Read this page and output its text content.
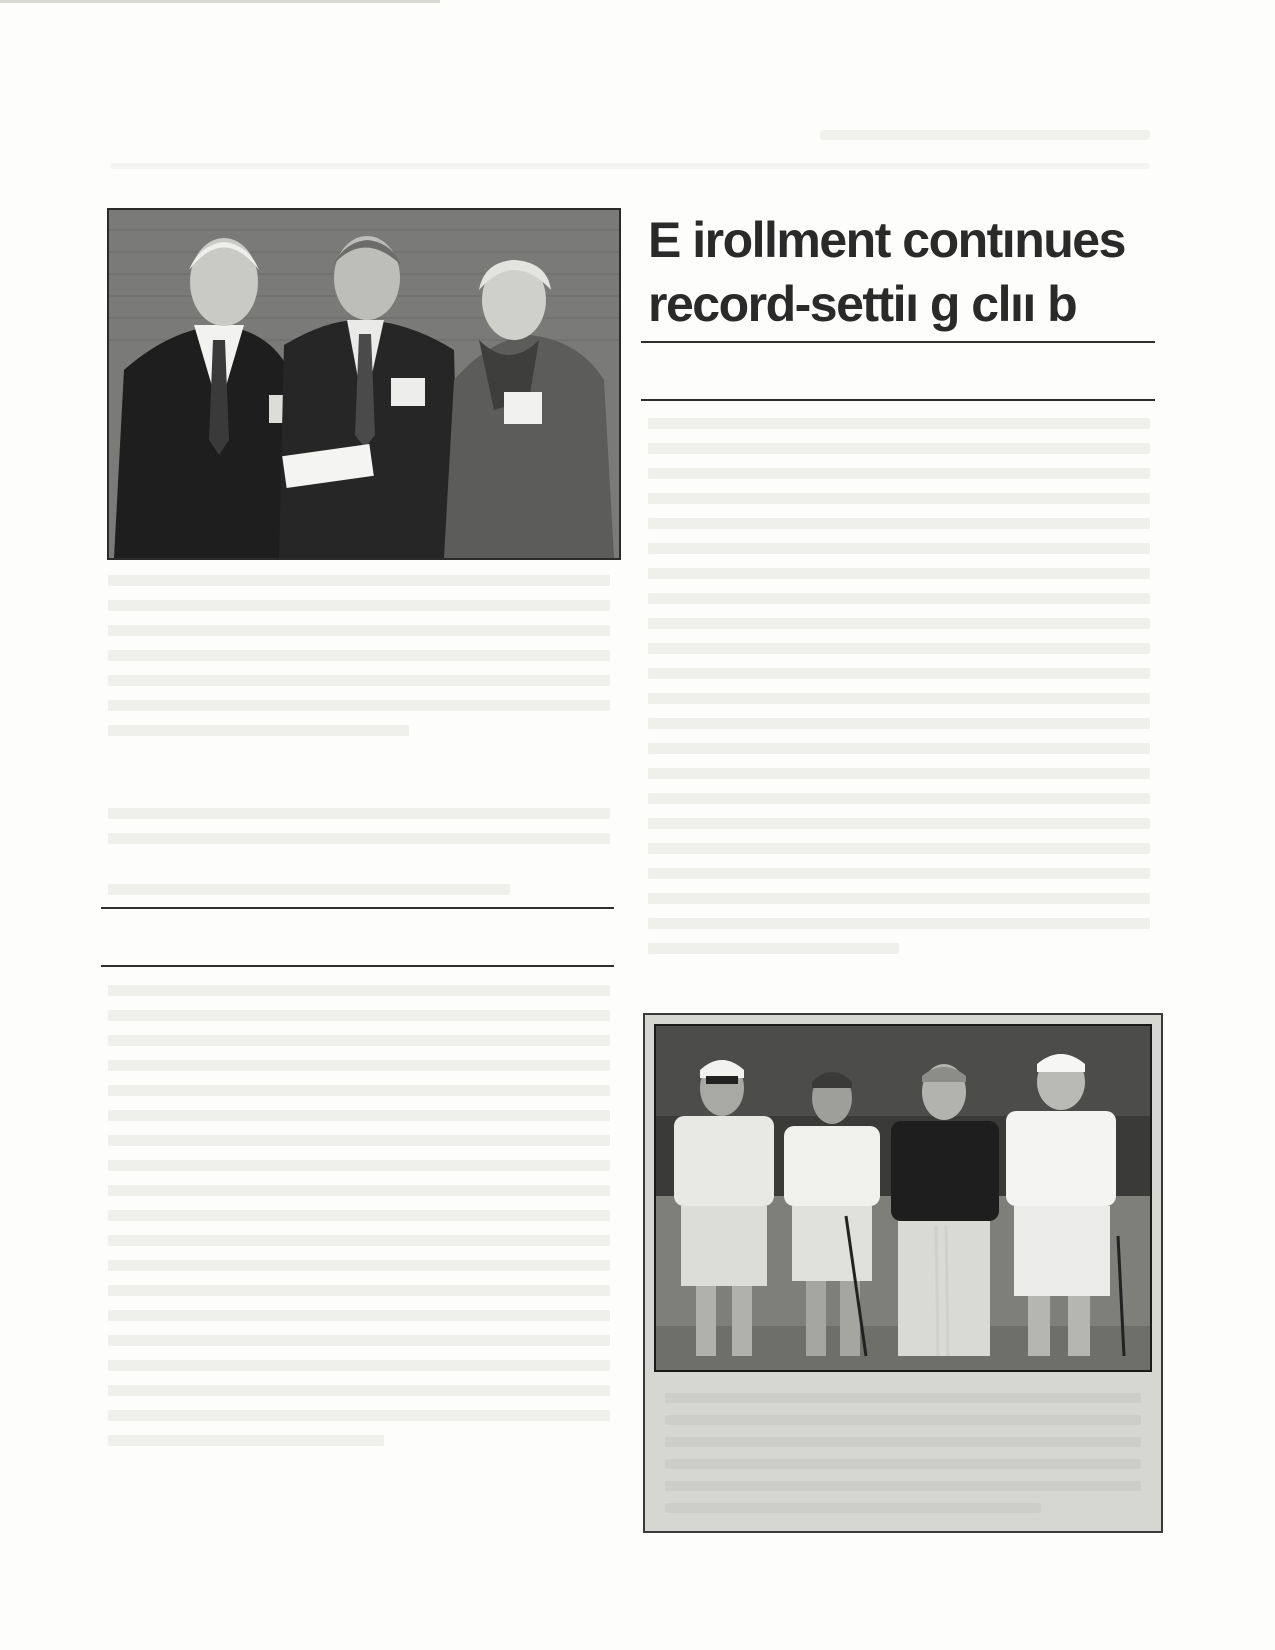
E irollment contınues
record-settiı g clıı b
